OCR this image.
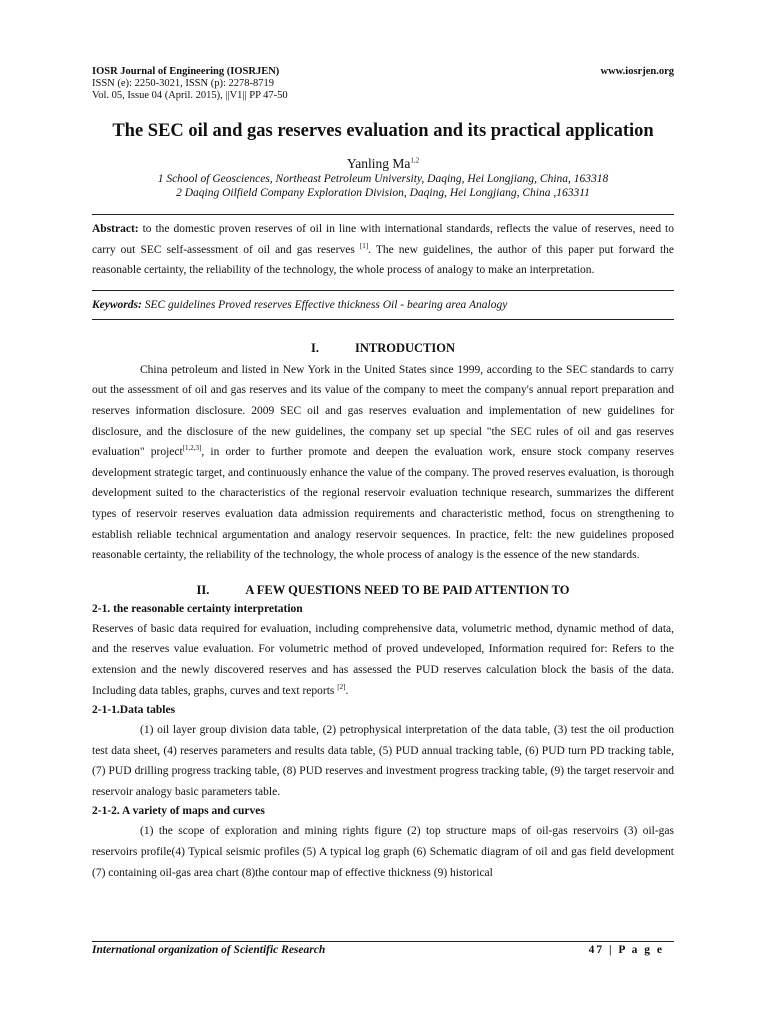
IOSR Journal of Engineering (IOSRJEN)	www.iosrjen.org
ISSN (e): 2250-3021, ISSN (p): 2278-8719
Vol. 05, Issue 04 (April. 2015), ||V1|| PP 47-50
The SEC oil and gas reserves evaluation and its practical application
Yanling Ma$^{1,2}$
1 School of Geosciences, Northeast Petroleum University, Daqing, Hei Longjiang, China, 163318
2 Daqing Oilfield Company Exploration Division, Daqing, Hei Longjiang, China ,163311
Abstract: to the domestic proven reserves of oil in line with international standards, reflects the value of reserves, need to carry out SEC self-assessment of oil and gas reserves [1]. The new guidelines, the author of this paper put forward the reasonable certainty, the reliability of the technology, the whole process of analogy to make an interpretation.
Keywords: SEC guidelines Proved reserves Effective thickness Oil - bearing area Analogy
I.	INTRODUCTION
China petroleum and listed in New York in the United States since 1999, according to the SEC standards to carry out the assessment of oil and gas reserves and its value of the company to meet the company's annual report preparation and reserves information disclosure. 2009 SEC oil and gas reserves evaluation and implementation of new guidelines for disclosure, and the disclosure of the new guidelines, the company set up special "the SEC rules of oil and gas reserves evaluation" project[1,2,3], in order to further promote and deepen the evaluation work, ensure stock company reserves development strategic target, and continuously enhance the value of the company. The proved reserves evaluation, is thorough development suited to the characteristics of the regional reservoir evaluation technique research, summarizes the different types of reservoir reserves evaluation data admission requirements and characteristic method, focus on strengthening to establish reliable technical argumentation and analogy reservoir sequences. In practice, felt: the new guidelines proposed reasonable certainty, the reliability of the technology, the whole process of analogy is the essence of the new standards.
II.	A FEW QUESTIONS NEED TO BE PAID ATTENTION TO
2-1. the reasonable certainty interpretation
Reserves of basic data required for evaluation, including comprehensive data, volumetric method, dynamic method of data, and the reserves value evaluation. For volumetric method of proved undeveloped, Information required for: Refers to the extension and the newly discovered reserves and has assessed the PUD reserves calculation block the basis of the data. Including data tables, graphs, curves and text reports [2].
2-1-1.Data tables
(1) oil layer group division data table, (2) petrophysical interpretation of the data table, (3) test the oil production test data sheet, (4) reserves parameters and results data table, (5) PUD annual tracking table, (6) PUD turn PD tracking table, (7) PUD drilling progress tracking table, (8) PUD reserves and investment progress tracking table, (9) the target reservoir and reservoir analogy basic parameters table.
2-1-2. A variety of maps and curves
(1) the scope of exploration and mining rights figure (2) top structure maps of oil-gas reservoirs (3) oil-gas reservoirs profile(4) Typical seismic profiles (5) A typical log graph (6) Schematic diagram of oil and gas field development (7) containing oil-gas area chart (8)the contour map of effective thickness (9) historical
International organization of Scientific Research	47 | P a g e
